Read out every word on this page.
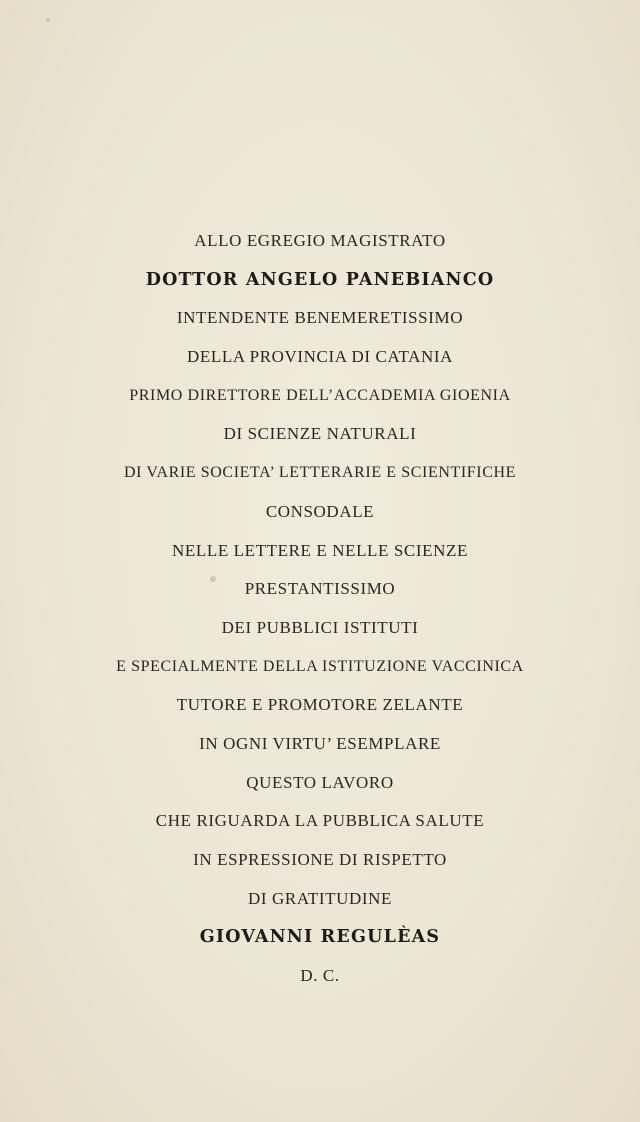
ALLO EGREGIO MAGISTRATO
DOTTOR ANGELO PANEBIANCO
INTENDENTE BENEMERETISSIMO
DELLA PROVINCIA DI CATANIA
PRIMO DIRETTORE DELL’ACCADEMIA GIOENIA
DI SCIENZE NATURALI
DI VARIE SOCIETA’ LETTERARIE E SCIENTIFICHE
CONSODALE
NELLE LETTERE E NELLE SCIENZE
PRESTANTISSIMO
DEI PUBBLICI ISTITUTI
E SPECIALMENTE DELLA ISTITUZIONE VACCINICA
TUTORE E PROMOTORE ZELANTE
IN OGNI VIRTU’ ESEMPLARE
QUESTO LAVORO
CHE RIGUARDA LA PUBBLICA SALUTE
IN ESPRESSIONE DI RISPETTO
DI GRATITUDINE
GIOVANNI REGULÈAS
D. C.
